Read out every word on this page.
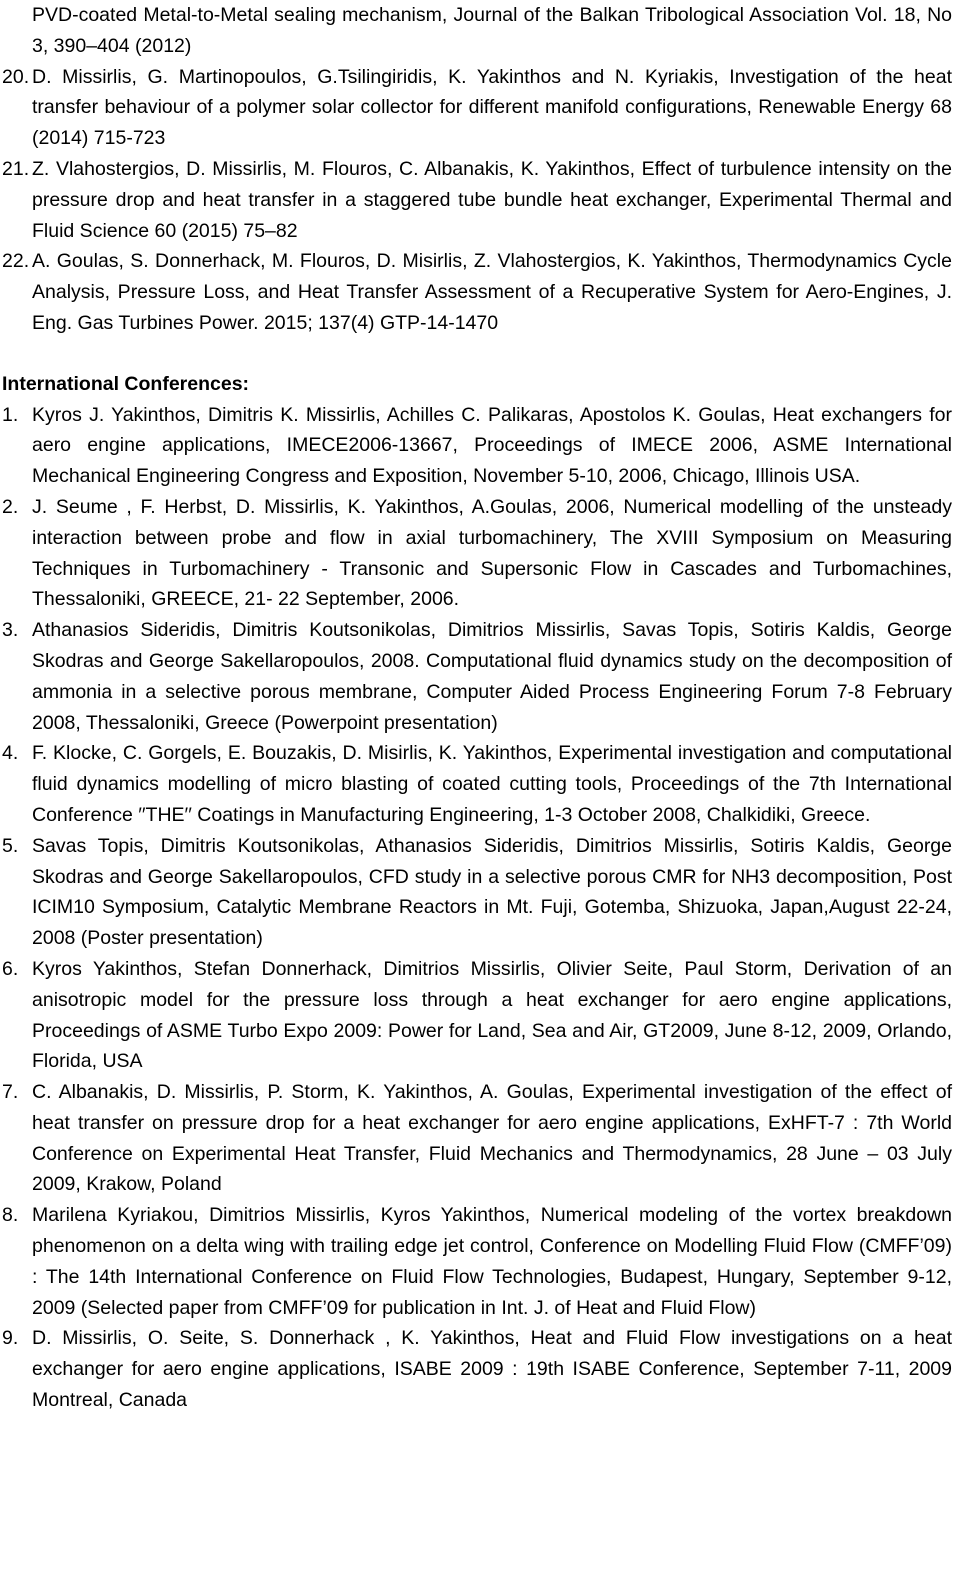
PVD-coated Metal-to-Metal sealing mechanism, Journal of the Balkan Tribological Association Vol. 18, No 3, 390–404 (2012)
20. D. Missirlis, G. Martinopoulos, G.Tsilingiridis, K. Yakinthos and N. Kyriakis, Investigation of the heat transfer behaviour of a polymer solar collector for different manifold configurations, Renewable Energy 68 (2014) 715-723
21. Z. Vlahostergios, D. Missirlis, M. Flouros, C. Albanakis, K. Yakinthos, Effect of turbulence intensity on the pressure drop and heat transfer in a staggered tube bundle heat exchanger, Experimental Thermal and Fluid Science 60 (2015) 75–82
22. A. Goulas, S. Donnerhack, M. Flouros, D. Misirlis, Z. Vlahostergios, K. Yakinthos, Thermodynamics Cycle Analysis, Pressure Loss, and Heat Transfer Assessment of a Recuperative System for Aero-Engines, J. Eng. Gas Turbines Power. 2015; 137(4) GTP-14-1470
International Conferences:
1. Kyros J. Yakinthos, Dimitris K. Missirlis, Achilles C. Palikaras, Apostolos K. Goulas, Heat exchangers for aero engine applications, IMECE2006-13667, Proceedings of IMECE 2006, ASME International Mechanical Engineering Congress and Exposition, November 5-10, 2006, Chicago, Illinois USA.
2. J. Seume , F. Herbst, D. Missirlis, K. Yakinthos, A.Goulas, 2006, Numerical modelling of the unsteady interaction between probe and flow in axial turbomachinery, The XVIII Symposium on Measuring Techniques in Turbomachinery - Transonic and Supersonic Flow in Cascades and Turbomachines, Thessaloniki, GREECE, 21- 22 September, 2006.
3. Athanasios Sideridis, Dimitris Koutsonikolas, Dimitrios Missirlis, Savas Topis, Sotiris Kaldis, George Skodras and George Sakellaropoulos, 2008. Computational fluid dynamics study on the decomposition of ammonia in a selective porous membrane, Computer Aided Process Engineering Forum 7-8 February 2008, Thessaloniki, Greece (Powerpoint presentation)
4. F. Klocke, C. Gorgels, E. Bouzakis, D. Misirlis, K. Yakinthos, Experimental investigation and computational fluid dynamics modelling of micro blasting of coated cutting tools, Proceedings of the 7th International Conference ′′THE′′ Coatings in Manufacturing Engineering, 1-3 October 2008, Chalkidiki, Greece.
5. Savas Topis, Dimitris Koutsonikolas, Athanasios Sideridis, Dimitrios Missirlis, Sotiris Kaldis, George Skodras and George Sakellaropoulos, CFD study in a selective porous CMR for NH3 decomposition, Post ICIM10 Symposium, Catalytic Membrane Reactors in Mt. Fuji, Gotemba, Shizuoka, Japan,August 22-24, 2008 (Poster presentation)
6. Kyros Yakinthos, Stefan Donnerhack, Dimitrios Missirlis, Olivier Seite, Paul Storm, Derivation of an anisotropic model for the pressure loss through a heat exchanger for aero engine applications, Proceedings of ASME Turbo Expo 2009: Power for Land, Sea and Air, GT2009, June 8-12, 2009, Orlando, Florida, USA
7. C. Albanakis, D. Missirlis, P. Storm, K. Yakinthos, A. Goulas, Experimental investigation of the effect of heat transfer on pressure drop for a heat exchanger for aero engine applications, ExHFT-7 : 7th World Conference on Experimental Heat Transfer, Fluid Mechanics and Thermodynamics, 28 June – 03 July 2009, Krakow, Poland
8. Marilena Kyriakou, Dimitrios Missirlis, Kyros Yakinthos, Numerical modeling of the vortex breakdown phenomenon on a delta wing with trailing edge jet control, Conference on Modelling Fluid Flow (CMFF’09) : The 14th International Conference on Fluid Flow Technologies, Budapest, Hungary, September 9-12, 2009 (Selected paper from CMFF’09 for publication in Int. J. of Heat and Fluid Flow)
9. D. Missirlis, O. Seite, S. Donnerhack , K. Yakinthos, Heat and Fluid Flow investigations on a heat exchanger for aero engine applications, ISABE 2009 : 19th ISABE Conference, September 7-11, 2009 Montreal, Canada
